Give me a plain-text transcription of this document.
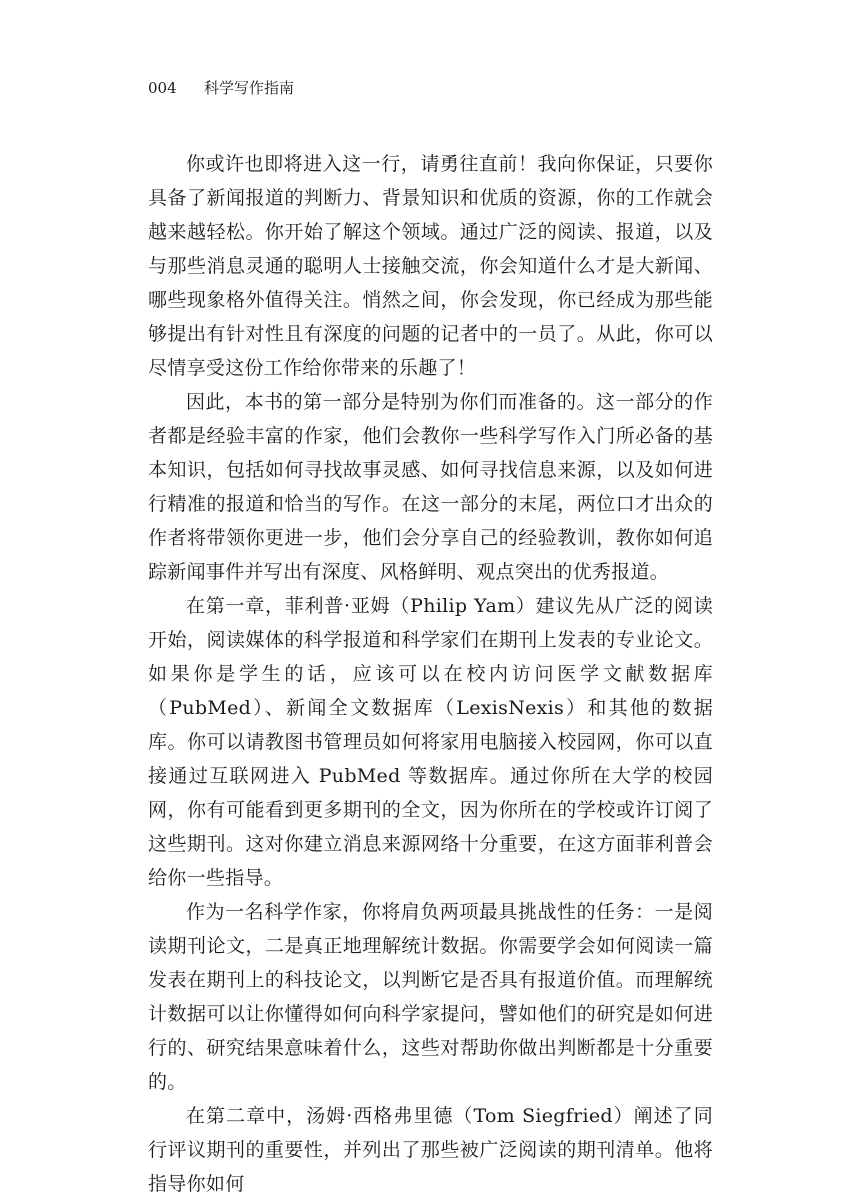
004 科学写作指南

你或许也即将进入这一行，请勇往直前！我向你保证，只要你具备了新闻报道的判断力、背景知识和优质的资源，你的工作就会越来越轻松。你开始了解这个领域。通过广泛的阅读、报道，以及与那些消息灵通的聪明人士接触交流，你会知道什么才是大新闻、哪些现象格外值得关注。悄然之间，你会发现，你已经成为那些能够提出有针对性且有深度的问题的记者中的一员了。从此，你可以尽情享受这份工作给你带来的乐趣了！

因此，本书的第一部分是特别为你们而准备的。这一部分的作者都是经验丰富的作家，他们会教你一些科学写作入门所必备的基本知识，包括如何寻找故事灵感、如何寻找信息来源，以及如何进行精准的报道和恰当的写作。在这一部分的末尾，两位口才出众的作者将带领你更进一步，他们会分享自己的经验教训，教你如何追踪新闻事件并写出有深度、风格鲜明、观点突出的优秀报道。

在第一章，菲利普·亚姆（Philip Yam）建议先从广泛的阅读开始，阅读媒体的科学报道和科学家们在期刊上发表的专业论文。如果你是学生的话，应该可以在校内访问医学文献数据库（PubMed）、新闻全文数据库（LexisNexis）和其他的数据库。你可以请教图书管理员如何将家用电脑接入校园网，你可以直接通过互联网进入 PubMed 等数据库。通过你所在大学的校园网，你有可能看到更多期刊的全文，因为你所在的学校或许订阅了这些期刊。这对你建立消息来源网络十分重要，在这方面菲利普会给你一些指导。

作为一名科学作家，你将肩负两项最具挑战性的任务：一是阅读期刊论文，二是真正地理解统计数据。你需要学会如何阅读一篇发表在期刊上的科技论文，以判断它是否具有报道价值。而理解统计数据可以让你懂得如何向科学家提问，譬如他们的研究是如何进行的、研究结果意味着什么，这些对帮助你做出判断都是十分重要的。

在第二章中，汤姆·西格弗里德（Tom Siegfried）阐述了同行评议期刊的重要性，并列出了那些被广泛阅读的期刊清单。他将指导你如何
